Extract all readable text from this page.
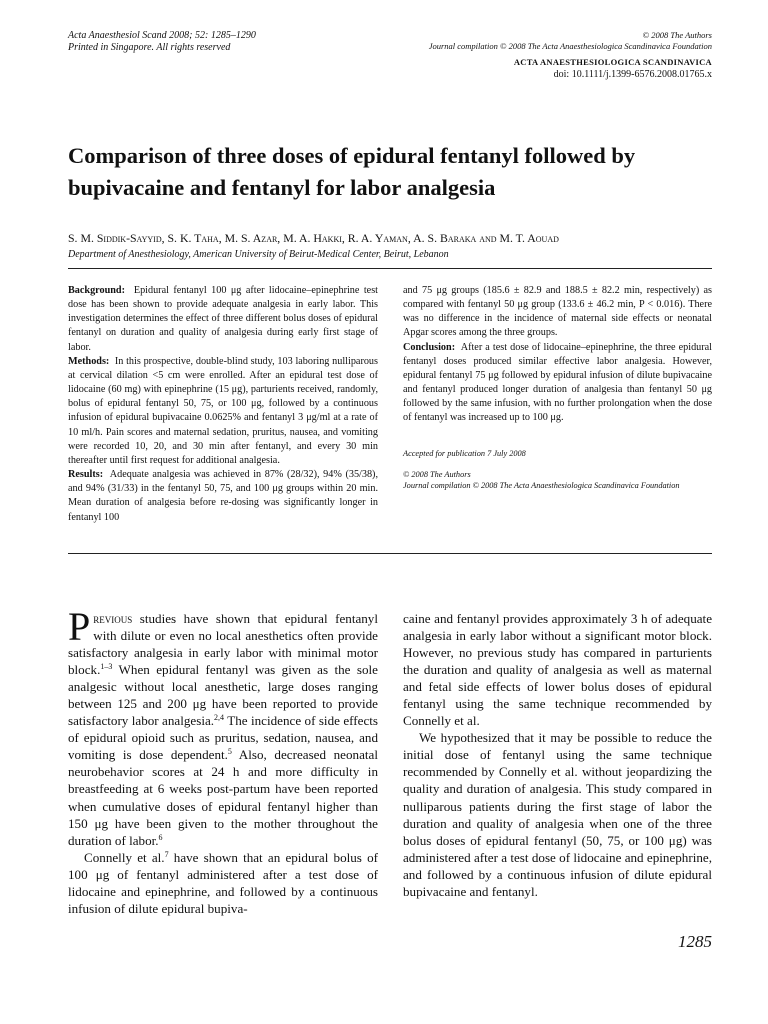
Acta Anaesthesiol Scand 2008; 52: 1285–1290
Printed in Singapore. All rights reserved
© 2008 The Authors
Journal compilation © 2008 The Acta Anaesthesiologica Scandinavica Foundation
ACTA ANAESTHESIOLOGICA SCANDINAVICA
doi: 10.1111/j.1399-6576.2008.01765.x
Comparison of three doses of epidural fentanyl followed by bupivacaine and fentanyl for labor analgesia
S. M. Siddik-Sayyid, S. K. Taha, M. S. Azar, M. A. Hakki, R. A. Yaman, A. S. Baraka and M. T. Aouad
Department of Anesthesiology, American University of Beirut-Medical Center, Beirut, Lebanon

Background: Epidural fentanyl 100 μg after lidocaine–epinephrine test dose has been shown to provide adequate analgesia in early labor. This investigation determines the effect of three different bolus doses of epidural fentanyl on duration and quality of analgesia during early first stage of labor.

Methods: In this prospective, double-blind study, 103 laboring nulliparous at cervical dilation <5 cm were enrolled. After an epidural test dose of lidocaine (60 mg) with epinephrine (15 μg), parturients received, randomly, bolus of epidural fentanyl 50, 75, or 100 μg, followed by a continuous infusion of epidural bupivacaine 0.0625% and fentanyl 3 μg/ml at a rate of 10 ml/h. Pain scores and maternal sedation, pruritus, nausea, and vomiting were recorded 10, 20, and 30 min after fentanyl, and every 30 min thereafter until first request for additional analgesia.

Results: Adequate analgesia was achieved in 87% (28/32), 94% (35/38), and 94% (31/33) in the fentanyl 50, 75, and 100 μg groups within 20 min. Mean duration of analgesia before re-dosing was significantly longer in fentanyl 100

and 75 μg groups (185.6 ± 82.9 and 188.5 ± 82.2 min, respectively) as compared with fentanyl 50 μg group (133.6 ± 46.2 min, P < 0.016). There was no difference in the incidence of maternal side effects or neonatal Apgar scores among the three groups.

Conclusion: After a test dose of lidocaine–epinephrine, the three epidural fentanyl doses produced similar effective labor analgesia. However, epidural fentanyl 75 μg followed by epidural infusion of dilute bupivacaine and fentanyl produced longer duration of analgesia than fentanyl 50 μg followed by the same infusion, with no further prolongation when the dose of fentanyl was increased up to 100 μg.

Accepted for publication 7 July 2008
© 2008 The Authors
Journal compilation © 2008 The Acta Anaesthesiologica Scandinavica Foundation

Previous studies have shown that epidural fentanyl with dilute or even no local anesthetics often provide satisfactory analgesia in early labor with minimal motor block.$^{1-3}$ When epidural fentanyl was given as the sole analgesic without local anesthetic, large doses ranging between 125 and 200 μg have been reported to provide satisfactory labor analgesia.$^{2,4}$ The incidence of side effects of epidural opioid such as pruritus, sedation, nausea, and vomiting is dose dependent.$^5$ Also, decreased neonatal neurobehavior scores at 24 h and more difficulty in breastfeeding at 6 weeks post-partum have been reported when cumulative doses of epidural fentanyl higher than 150 μg have been given to the mother throughout the duration of labor.$^6$

Connelly et al.$^7$ have shown that an epidural bolus of 100 μg of fentanyl administered after a test dose of lidocaine and epinephrine, and followed by a continuous infusion of dilute epidural bupiva-

caine and fentanyl provides approximately 3 h of adequate analgesia in early labor without a significant motor block. However, no previous study has compared in parturients the duration and quality of analgesia as well as maternal and fetal side effects of lower bolus doses of epidural fentanyl using the same technique recommended by Connelly et al.

We hypothesized that it may be possible to reduce the initial dose of fentanyl using the same technique recommended by Connelly et al. without jeopardizing the quality and duration of analgesia. This study compared in nulliparous patients during the first stage of labor the duration and quality of analgesia when one of the three bolus doses of epidural fentanyl (50, 75, or 100 μg) was administered after a test dose of lidocaine and epinephrine, and followed by a continuous infusion of dilute epidural bupivacaine and fentanyl.

1285
